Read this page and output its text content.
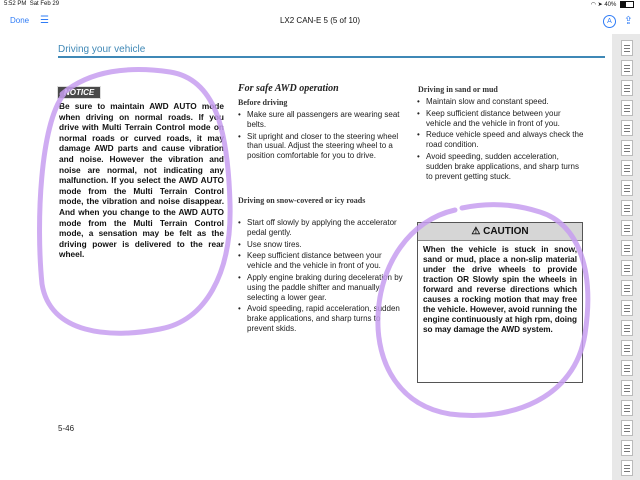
5:52 PM Sat Feb 29	◠ ➤ 40%
Done ☰	LX2 CAN-E 5 (5 of 10)	A	⇪
Driving your vehicle
NOTICE
Be sure to maintain AWD AUTO mode when driving on normal roads. If you drive with Multi Terrain Control mode on normal roads or curved roads, it may damage AWD parts and cause vibration and noise. However the vibration and noise are normal, not indicating any malfunction. If you select the AWD AUTO mode from the Multi Terrain Control mode, the vibration and noise disappear. And when you change to the AWD AUTO mode from the Multi Terrain Control mode, a sensation may be felt as the driving power is delivered to the rear wheel.
For safe AWD operation
Before driving
• Make sure all passengers are wearing seat belts.
• Sit upright and closer to the steering wheel than usual. Adjust the steering wheel to a position comfortable for you to drive.
Driving on snow-covered or icy roads
• Start off slowly by applying the accelerator pedal gently.
• Use snow tires.
• Keep sufficient distance between your vehicle and the vehicle in front of you.
• Apply engine braking during deceleration by using the paddle shifter and manually selecting a lower gear.
• Avoid speeding, rapid acceleration, sudden brake applications, and sharp turns to prevent skids.
Driving in sand or mud
• Maintain slow and constant speed.
• Keep sufficient distance between your vehicle and the vehicle in front of you.
• Reduce vehicle speed and always check the road condition.
• Avoid speeding, sudden acceleration, sudden brake applications, and sharp turns to prevent getting stuck.
⚠ CAUTION
When the vehicle is stuck in snow, sand or mud, place a non-slip material under the drive wheels to provide traction OR Slowly spin the wheels in forward and reverse directions which causes a rocking motion that may free the vehicle. However, avoid running the engine continuously at high rpm, doing so may damage the AWD system.
5-46
